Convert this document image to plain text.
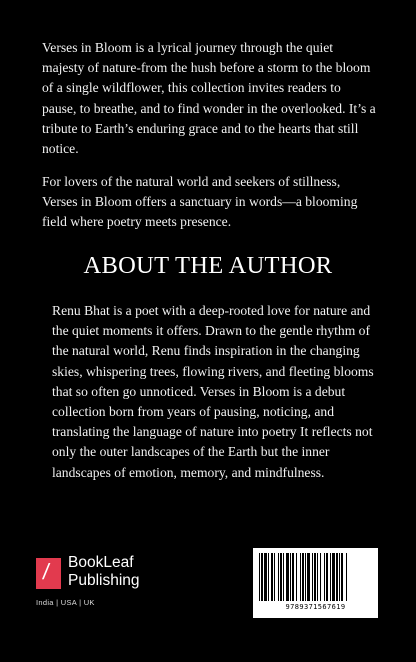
Verses in Bloom is a lyrical journey through the quiet majesty of nature-from the hush before a storm to the bloom of a single wildflower, this collection invites readers to pause, to breathe, and to find wonder in the overlooked. It’s a tribute to Earth’s enduring grace and to the hearts that still notice.

For lovers of the natural world and seekers of stillness, Verses in Bloom offers a sanctuary in words—a blooming field where poetry meets presence.

ABOUT THE AUTHOR

Renu Bhat is a poet with a deep-rooted love for nature and the quiet moments it offers. Drawn to the gentle rhythm of the natural world, Renu finds inspiration in the changing skies, whispering trees, flowing rivers, and fleeting blooms that so often go unnoticed. Verses in Bloom is a debut collection born from years of pausing, noticing, and translating the language of nature into poetry It reflects not only the outer landscapes of the Earth but the inner landscapes of emotion, memory, and mindfulness.

/ BookLeaf
Publishing
India | USA | UK	9789371567619
